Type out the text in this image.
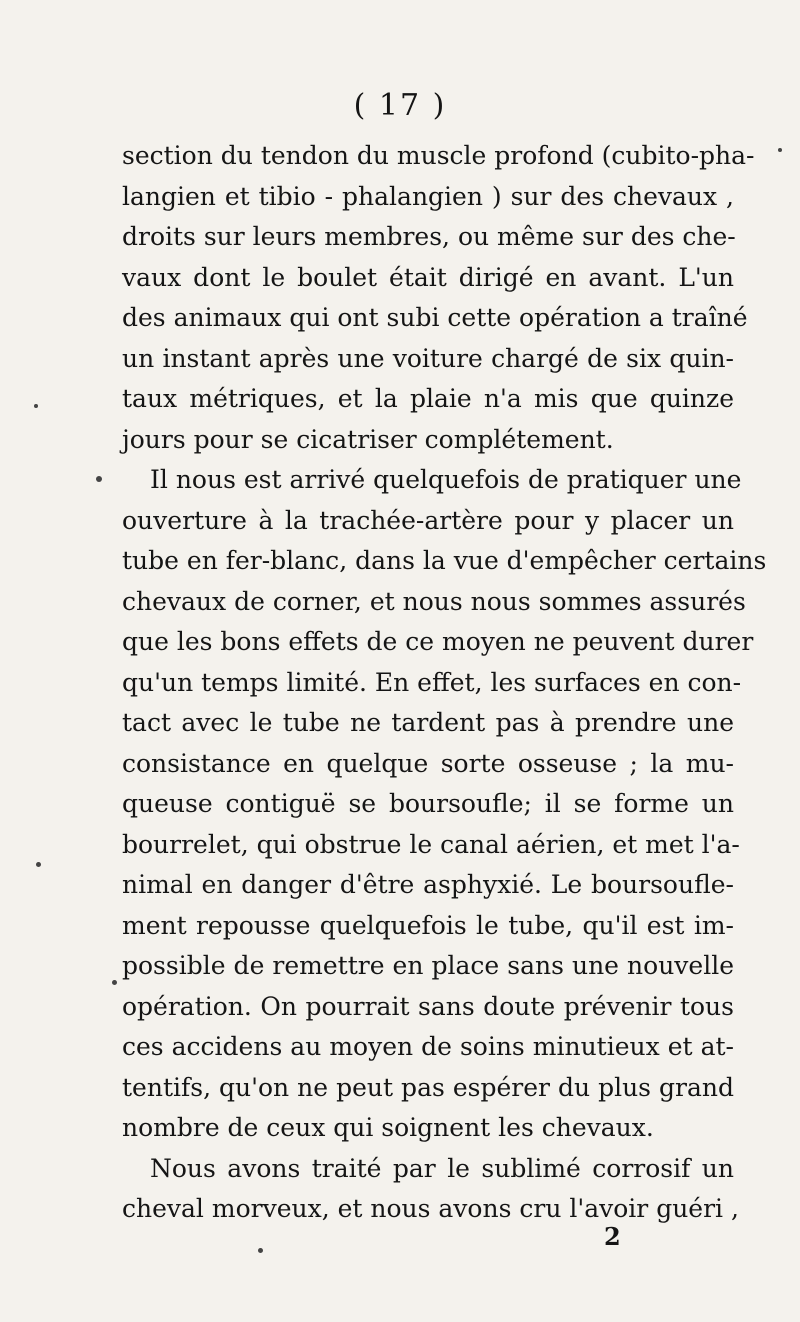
( 17 )
section du tendon du muscle profond (cubito-pha-
langien et tibio - phalangien ) sur des chevaux ,
droits sur leurs membres, ou même sur des che-
vaux dont le boulet était dirigé en avant. L'un
des animaux qui ont subi cette opération a traîné
un instant après une voiture chargé de six quin-
taux métriques, et la plaie n'a mis que quinze
jours pour se cicatriser complétement.
Il nous est arrivé quelquefois de pratiquer une
ouverture à la trachée-artère pour y placer un
tube en fer-blanc, dans la vue d'empêcher certains
chevaux de corner, et nous nous sommes assurés
que les bons effets de ce moyen ne peuvent durer
qu'un temps limité. En effet, les surfaces en con-
tact avec le tube ne tardent pas à prendre une
consistance en quelque sorte osseuse ; la mu-
queuse contiguë se boursoufle; il se forme un
bourrelet, qui obstrue le canal aérien, et met l'a-
nimal en danger d'être asphyxié. Le boursoufle-
ment repousse quelquefois le tube, qu'il est im-
possible de remettre en place sans une nouvelle
opération. On pourrait sans doute prévenir tous
ces accidens au moyen de soins minutieux et at-
tentifs, qu'on ne peut pas espérer du plus grand
nombre de ceux qui soignent les chevaux.
Nous avons traité par le sublimé corrosif un
cheval morveux, et nous avons cru l'avoir guéri ,
2
